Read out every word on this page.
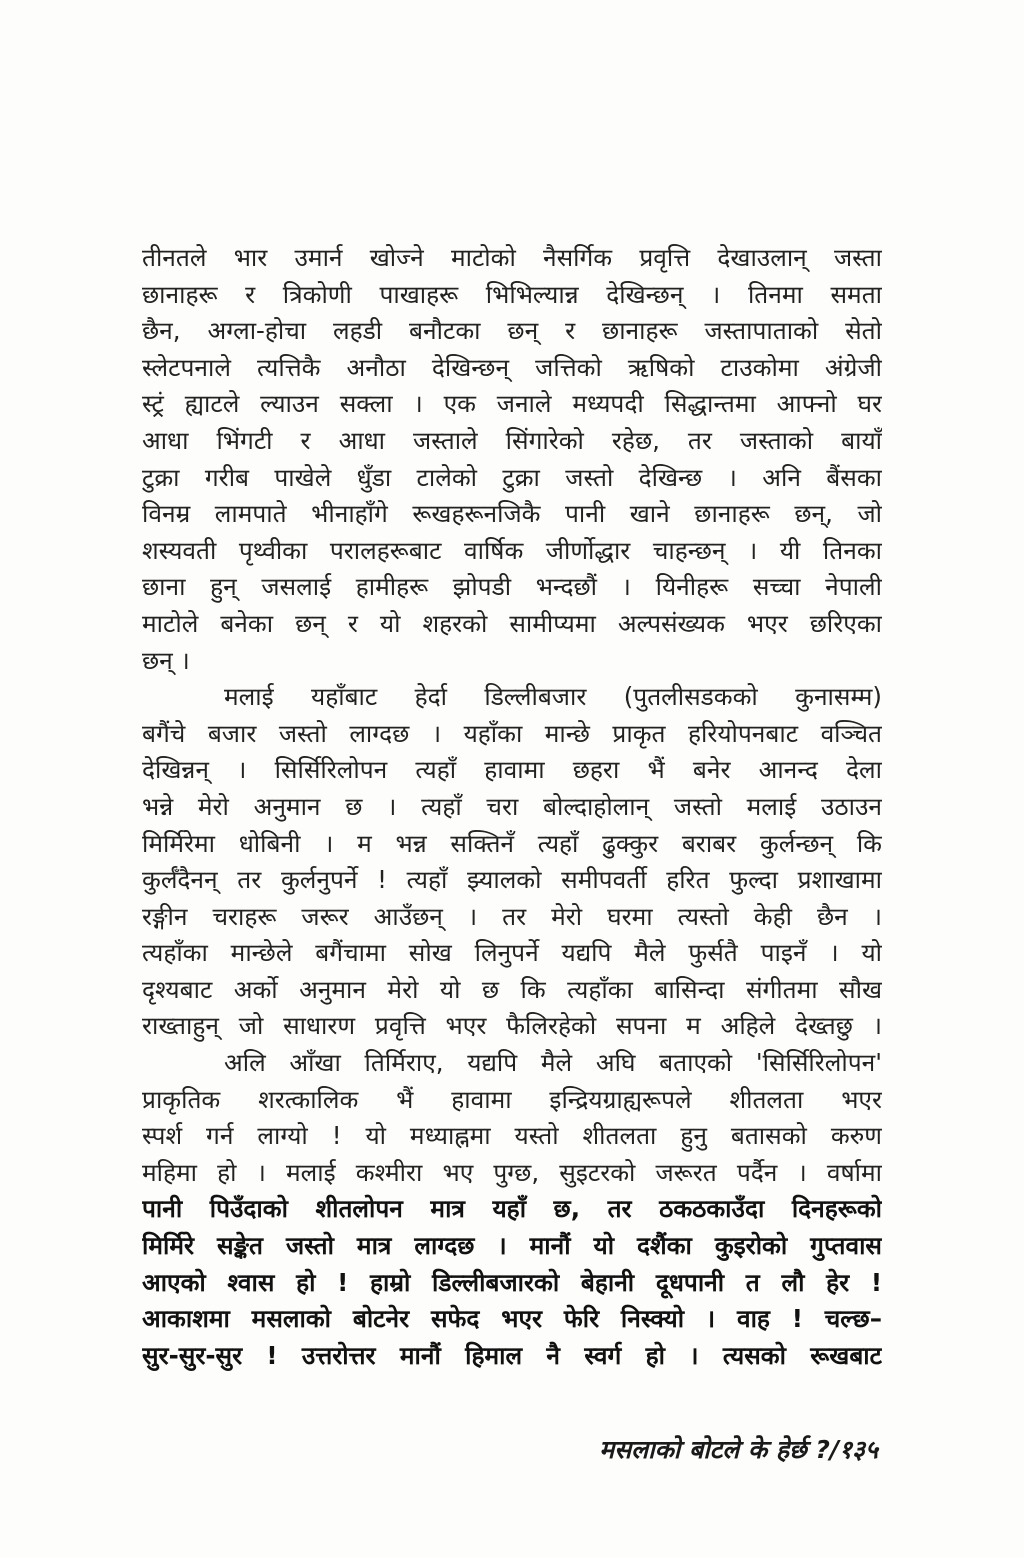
तीनतले भार उमार्न खोज्ने माटोको नैसर्गिक प्रवृत्ति देखाउलान् जस्ता
छानाहरू र त्रिकोणी पाखाहरू भिभिल्यान्न देखिन्छन् । तिनमा समता
छैन, अग्ला-होचा लहडी बनौटका छन् र छानाहरू जस्तापाताको सेतो
स्लेटपनाले त्यत्तिकै अनौठा देखिन्छन् जत्तिको ऋषिको टाउकोमा अंग्रेजी
स्ट्रं ह्याटले ल्याउन सक्ला । एक जनाले मध्यपदी सिद्धान्तमा आफ्नो घर
आधा भिंगटी र आधा जस्ताले सिंगारेको रहेछ, तर जस्ताको बायाँ
टुक्रा गरीब पाखेले धुँडा टालेको टुक्रा जस्तो देखिन्छ । अनि बैंसका
विनम्र लामपाते भीनाहाँगे रूखहरूनजिकै पानी खाने छानाहरू छन्, जो
शस्यवती पृथ्वीका परालहरूबाट वार्षिक जीर्णोद्धार चाहन्छन् । यी तिनका
छाना हुन् जसलाई हामीहरू झोपडी भन्दछौं । यिनीहरू सच्चा नेपाली
माटोले बनेका छन् र यो शहरको सामीप्यमा अल्पसंख्यक भएर छरिएका
छन् ।
मलाई यहाँबाट हेर्दा डिल्लीबजार (पुतलीसडकको कुनासम्म)
बगैंचे बजार जस्तो लाग्दछ । यहाँका मान्छे प्राकृत हरियोपनबाट वञ्चित
देखिन्नन् । सिर्सिरिलोपन त्यहाँ हावामा छहरा भैं बनेर आनन्द देला
भन्ने मेरो अनुमान छ । त्यहाँ चरा बोल्दाहोलान् जस्तो मलाई उठाउन
मिर्मिरेमा धोबिनी । म भन्न सक्तिनँ त्यहाँ ढुक्कुर बराबर कुर्लन्छन् कि
कुर्लँदैनन् तर कुर्लनुपर्ने ! त्यहाँ झ्यालको समीपवर्ती हरित फुल्दा प्रशाखामा
रङ्गीन चराहरू जरूर आउँछन् । तर मेरो घरमा त्यस्तो केही छैन ।
त्यहाँका मान्छेले बगैंचामा सोख लिनुपर्ने यद्यपि मैले फुर्सतै पाइनँ । यो
दृश्यबाट अर्को अनुमान मेरो यो छ कि त्यहाँका बासिन्दा संगीतमा सौख
राख्ताहुन् जो साधारण प्रवृत्ति भएर फैलिरहेको सपना म अहिले देख्तछु ।
अलि आँखा तिर्मिराए, यद्यपि मैले अघि बताएको 'सिर्सिरिलोपन'
प्राकृतिक शरत्कालिक भैं हावामा इन्द्रियग्राह्यरूपले शीतलता भएर
स्पर्श गर्न लाग्यो ! यो मध्याह्नमा यस्तो शीतलता हुनु बतासको करुण
महिमा हो । मलाई कश्मीरा भए पुग्छ, सुइटरको जरूरत पर्दैन । वर्षामा
पानी पिउँदाको शीतलोपन मात्र यहाँ छ, तर ठकठकाउँदा दिनहरूको
मिर्मिरे सङ्केत जस्तो मात्र लाग्दछ । मानौं यो दशैंका कुइरोको गुप्तवास
आएको श्वास हो ! हाम्रो डिल्लीबजारको बेहानी दूधपानी त लौ हेर !
आकाशमा मसलाको बोटनेर सफेद भएर फेरि निस्क्यो । वाह ! चल्छ–
सुर-सुर-सुर ! उत्तरोत्तर मानौं हिमाल नै स्वर्ग हो । त्यसको रूखबाट
मसलाको बोटले के हेर्छ ?/१३५
